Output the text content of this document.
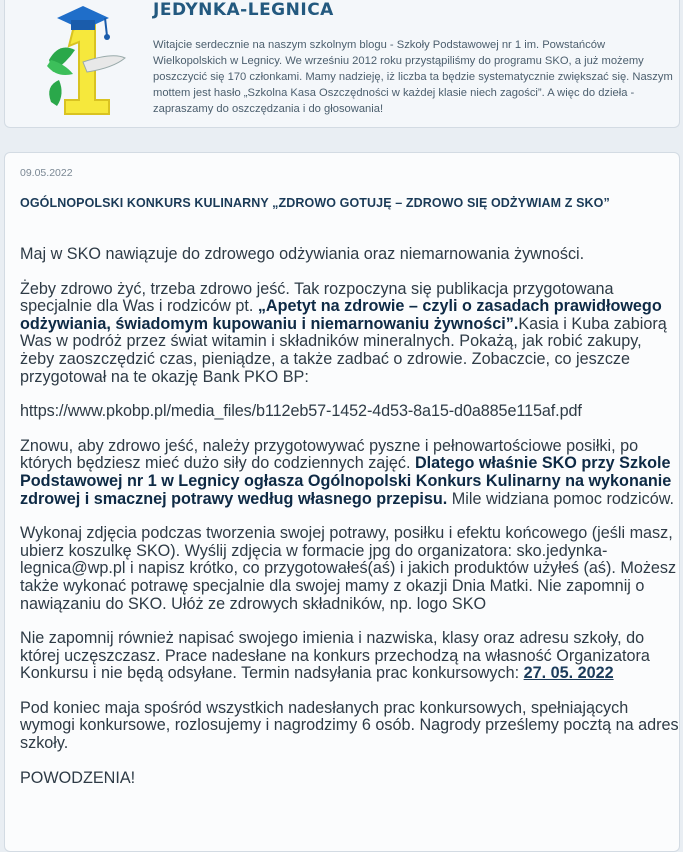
JEDYNKA-LEGNICA

Witajcie serdecznie na naszym szkolnym blogu - Szkoły Podstawowej nr 1 im. Powstańców Wielkopolskich w Legnicy. We wrześniu 2012 roku przystąpiliśmy do programu SKO, a już możemy poszczycić się 170 członkami. Mamy nadzieję, iż liczba ta będzie systematycznie zwiększać się. Naszym mottem jest hasło „Szkolna Kasa Oszczędności w każdej klasie niech zagości”. A więc do dzieła - zapraszamy do oszczędzania i do głosowania!

09.05.2022

OGÓLNOPOLSKI KONKURS KULINARNY „ZDROWO GOTUJĘ – ZDROWO SIĘ ODŻYWIAM Z SKO”

Maj w SKO nawiązuje do zdrowego odżywiania oraz niemarnowania żywności.

Żeby zdrowo żyć, trzeba zdrowo jeść. Tak rozpoczyna się publikacja przygotowana specjalnie dla Was i rodziców pt. „Apetyt na zdrowie – czyli o zasadach prawidłowego odżywiania, świadomym kupowaniu i niemarnowaniu żywności”.Kasia i Kuba zabiorą Was w podróż przez świat witamin i składników mineralnych. Pokażą, jak robić zakupy, żeby zaoszczędzić czas, pieniądze, a także zadbać o zdrowie. Zobaczcie, co jeszcze przygotował na te okazję Bank PKO BP:

https://www.pkobp.pl/media_files/b112eb57-1452-4d53-8a15-d0a885e115af.pdf

Znowu, aby zdrowo jeść, należy przygotowywać pyszne i pełnowartościowe posiłki, po których będziesz mieć dużo siły do codziennych zajęć. Dlatego właśnie SKO przy Szkole Podstawowej nr 1 w Legnicy ogłasza Ogólnopolski Konkurs Kulinarny na wykonanie zdrowej i smacznej potrawy według własnego przepisu. Mile widziana pomoc rodziców.

Wykonaj zdjęcia podczas tworzenia swojej potrawy, posiłku i efektu końcowego (jeśli masz, ubierz koszulkę SKO). Wyślij zdjęcia w formacie jpg do organizatora: sko.jedynka-legnica@wp.pl i napisz krótko, co przygotowałeś(aś) i jakich produktów użyłeś (aś). Możesz także wykonać potrawę specjalnie dla swojej mamy z okazji Dnia Matki. Nie zapomnij o nawiązaniu do SKO. Ułóż ze zdrowych składników, np. logo SKO

Nie zapomnij również napisać swojego imienia i nazwiska, klasy oraz adresu szkoły, do której uczęszczasz. Prace nadesłane na konkurs przechodzą na własność Organizatora Konkursu i nie będą odsyłane. Termin nadsyłania prac konkursowych: 27. 05. 2022

Pod koniec maja spośród wszystkich nadesłanych prac konkursowych, spełniających wymogi konkursowe, rozlosujemy i nagrodzimy 6 osób. Nagrody prześlemy pocztą na adres szkoły.

POWODZENIA!
